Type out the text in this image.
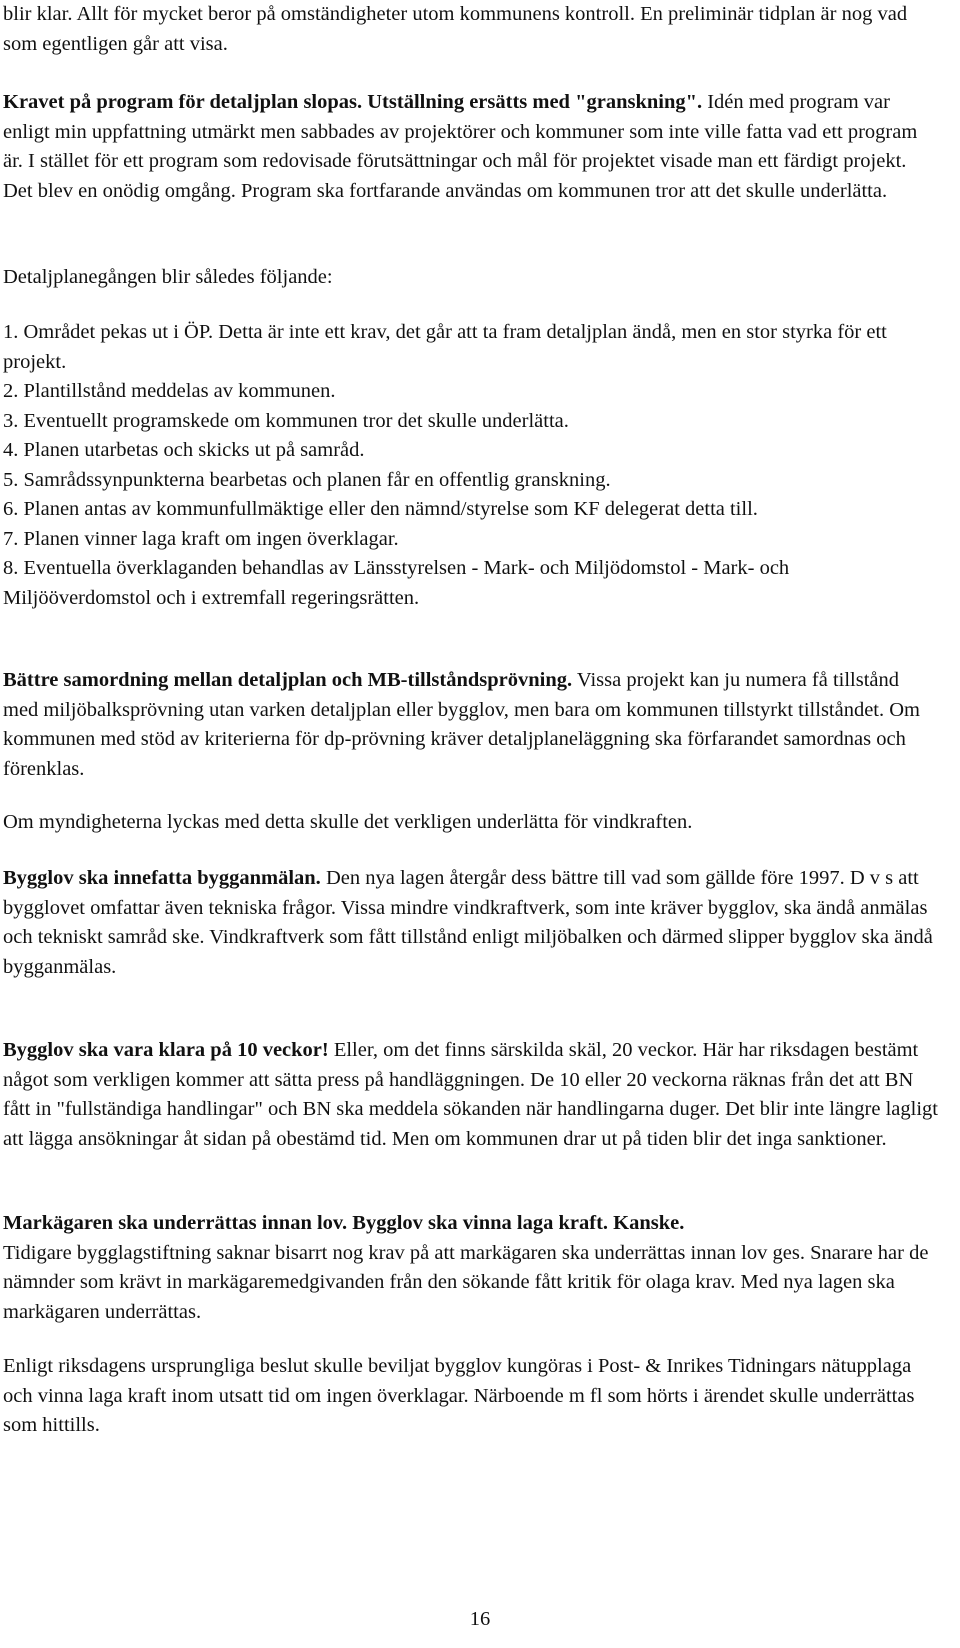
blir klar. Allt för mycket beror på omständigheter utom kommunens kontroll. En preliminär tidplan är nog vad som egentligen går att visa.

Kravet på program för detaljplan slopas. Utställning ersätts med "granskning". Idén med program var enligt min uppfattning utmärkt men sabbades av projektörer och kommuner som inte ville fatta vad ett program är. I stället för ett program som redovisade förutsättningar och mål för projektet visade man ett färdigt projekt. Det blev en onödig omgång. Program ska fortfarande användas om kommunen tror att det skulle underlätta.

Detaljplanegången blir således följande:

1. Området pekas ut i ÖP. Detta är inte ett krav, det går att ta fram detaljplan ändå, men en stor styrka för ett projekt.

2. Plantillstånd meddelas av kommunen.

3. Eventuellt programskede om kommunen tror det skulle underlätta.

4. Planen utarbetas och skicks ut på samråd.

5. Samrådssynpunkterna bearbetas och planen får en offentlig granskning.

6. Planen antas av kommunfullmäktige eller den nämnd/styrelse som KF delegerat detta till.

7. Planen vinner laga kraft om ingen överklagar.

8. Eventuella överklaganden behandlas av Länsstyrelsen - Mark- och Miljödomstol - Mark- och Miljööverdomstol och i extremfall regeringsrätten.

Bättre samordning mellan detaljplan och MB-tillståndsprövning. Vissa projekt kan ju numera få tillstånd med miljöbalksprövning utan varken detaljplan eller bygglov, men bara om kommunen tillstyrkt tillståndet. Om kommunen med stöd av kriterierna för dp-prövning kräver detaljplaneläggning ska förfarandet samordnas och förenklas.

Om myndigheterna lyckas med detta skulle det verkligen underlätta för vindkraften.

Bygglov ska innefatta bygganmälan. Den nya lagen återgår dess bättre till vad som gällde före 1997. D v s att bygglovet omfattar även tekniska frågor. Vissa mindre vindkraftverk, som inte kräver bygglov, ska ändå anmälas och tekniskt samråd ske. Vindkraftverk som fått tillstånd enligt miljöbalken och därmed slipper bygglov ska ändå bygganmälas.

Bygglov ska vara klara på 10 veckor! Eller, om det finns särskilda skäl, 20 veckor. Här har riksdagen bestämt något som verkligen kommer att sätta press på handläggningen. De 10 eller 20 veckorna räknas från det att BN fått in "fullständiga handlingar" och BN ska meddela sökanden när handlingarna duger. Det blir inte längre lagligt att lägga ansökningar åt sidan på obestämd tid. Men om kommunen drar ut på tiden blir det inga sanktioner.

Markägaren ska underrättas innan lov. Bygglov ska vinna laga kraft. Kanske.

Tidigare bygglagstiftning saknar bisarrt nog krav på att markägaren ska underrättas innan lov ges. Snarare har de nämnder som krävt in markägaremedgivanden från den sökande fått kritik för olaga krav. Med nya lagen ska markägaren underrättas.

Enligt riksdagens ursprungliga beslut skulle beviljat bygglov kungöras i Post- & Inrikes Tidningars nätupplaga och vinna laga kraft inom utsatt tid om ingen överklagar. Närboende m fl som hörts i ärendet skulle underrättas som hittills.

16
